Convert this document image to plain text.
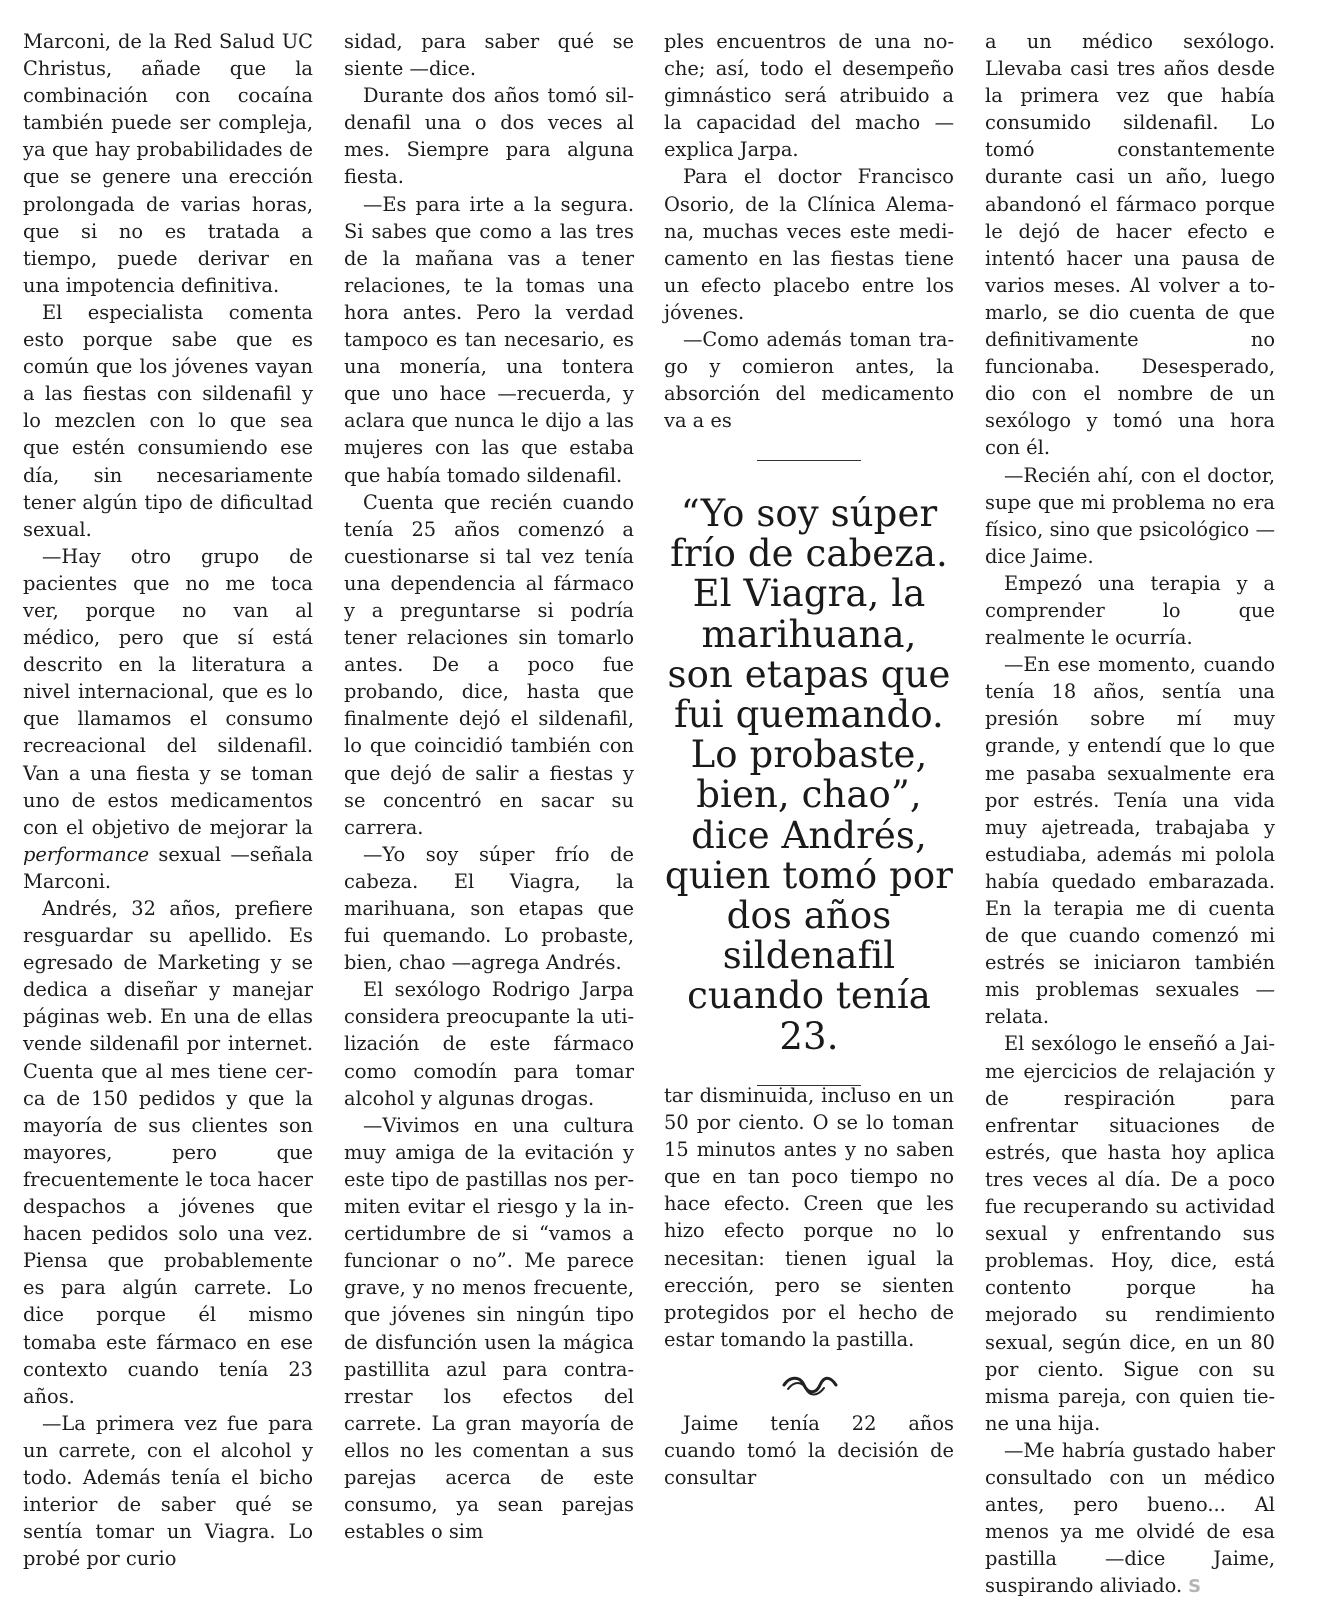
Marconi, de la Red Salud UC Christus, añade que la combinación con cocaína también puede ser compleja, ya que hay probabilidades de que se genere una erección prolongada de varias horas, que si no es tratada a tiempo, puede derivar en una impotencia definitiva.

El especialista comenta esto porque sabe que es común que los jóvenes vayan a las fiestas con sildenafil y lo mezclen con lo que sea que estén consumiendo ese día, sin necesariamente tener algún tipo de dificultad sexual.

—Hay otro grupo de pacientes que no me toca ver, porque no van al médico, pero que sí está descrito en la literatura a nivel internacional, que es lo que llamamos el consumo recreacional del sildenafil. Van a una fiesta y se toman uno de estos medicamentos con el objetivo de mejorar la performance sexual —señala Marconi.

Andrés, 32 años, prefiere resguardar su apellido. Es egresado de Marketing y se dedica a diseñar y manejar páginas web. En una de ellas vende sildenafil por internet. Cuenta que al mes tiene cerca de 150 pedidos y que la mayoría de sus clientes son mayores, pero que frecuentemente le toca hacer despachos a jóvenes que hacen pedidos solo una vez. Piensa que probablemente es para algún carrete. Lo dice porque él mismo tomaba este fármaco en ese contexto cuando tenía 23 años.

—La primera vez fue para un carrete, con el alcohol y todo. Además tenía el bicho interior de saber qué se sentía tomar un Viagra. Lo probé por curio

sidad, para saber qué se siente —dice.

Durante dos años tomó sildenafil una o dos veces al mes. Siempre para alguna fiesta.

—Es para irte a la segura. Si sabes que como a las tres de la mañana vas a tener relaciones, te la tomas una hora antes. Pero la verdad tampoco es tan necesario, es una monería, una tontera que uno hace —recuerda, y aclara que nunca le dijo a las mujeres con las que estaba que había tomado sildenafil.

Cuenta que recién cuando tenía 25 años comenzó a cuestionarse si tal vez tenía una dependencia al fármaco y a preguntarse si podría tener relaciones sin tomarlo antes. De a poco fue probando, dice, hasta que finalmente dejó el sildenafil, lo que coincidió también con que dejó de salir a fiestas y se concentró en sacar su carrera.

—Yo soy súper frío de cabeza. El Viagra, la marihuana, son etapas que fui quemando. Lo probaste, bien, chao —agrega Andrés.

El sexólogo Rodrigo Jarpa considera preocupante la utilización de este fármaco como comodín para tomar alcohol y algunas drogas.

—Vivimos en una cultura muy amiga de la evitación y este tipo de pastillas nos permiten evitar el riesgo y la incertidumbre de si “vamos a funcionar o no”. Me parece grave, y no menos frecuente, que jóvenes sin ningún tipo de disfunción usen la mágica pastillita azul para contrarrestar los efectos del carrete. La gran mayoría de ellos no les comentan a sus parejas acerca de este consumo, ya sean parejas estables o sim

ples encuentros de una noche; así, todo el desempeño gimnástico será atribuido a la capacidad del macho —explica Jarpa.

Para el doctor Francisco Osorio, de la Clínica Alemana, muchas veces este medicamento en las fiestas tiene un efecto placebo entre los jóvenes.

—Como además toman trago y comieron antes, la absorción del medicamento va a es

“Yo soy súper frío de cabeza. El Viagra, la marihuana, son etapas que fui quemando. Lo probaste, bien, chao”, dice Andrés, quien tomó por dos años sildenafil cuando tenía 23.

tar disminuida, incluso en un 50 por ciento. O se lo toman 15 minutos antes y no saben que en tan poco tiempo no hace efecto. Creen que les hizo efecto porque no lo necesitan: tienen igual la erección, pero se sienten protegidos por el hecho de estar tomando la pastilla.

Jaime tenía 22 años cuando tomó la decisión de consultar

a un médico sexólogo. Llevaba casi tres años desde la primera vez que había consumido sildenafil. Lo tomó constantemente durante casi un año, luego abandonó el fármaco porque le dejó de hacer efecto e intentó hacer una pausa de varios meses. Al volver a tomarlo, se dio cuenta de que definitivamente no funcionaba. Desesperado, dio con el nombre de un sexólogo y tomó una hora con él.

—Recién ahí, con el doctor, supe que mi problema no era físico, sino que psicológico —dice Jaime.

Empezó una terapia y a comprender lo que realmente le ocurría.

—En ese momento, cuando tenía 18 años, sentía una presión sobre mí muy grande, y entendí que lo que me pasaba sexualmente era por estrés. Tenía una vida muy ajetreada, trabajaba y estudiaba, además mi polola había quedado embarazada. En la terapia me di cuenta de que cuando comenzó mi estrés se iniciaron también mis problemas sexuales —relata.

El sexólogo le enseñó a Jaime ejercicios de relajación y de respiración para enfrentar situaciones de estrés, que hasta hoy aplica tres veces al día. De a poco fue recuperando su actividad sexual y enfrentando sus problemas. Hoy, dice, está contento porque ha mejorado su rendimiento sexual, según dice, en un 80 por ciento. Sigue con su misma pareja, con quien tiene una hija.

—Me habría gustado haber consultado con un médico antes, pero bueno... Al menos ya me olvidé de esa pastilla —dice Jaime, suspirando aliviado. S
